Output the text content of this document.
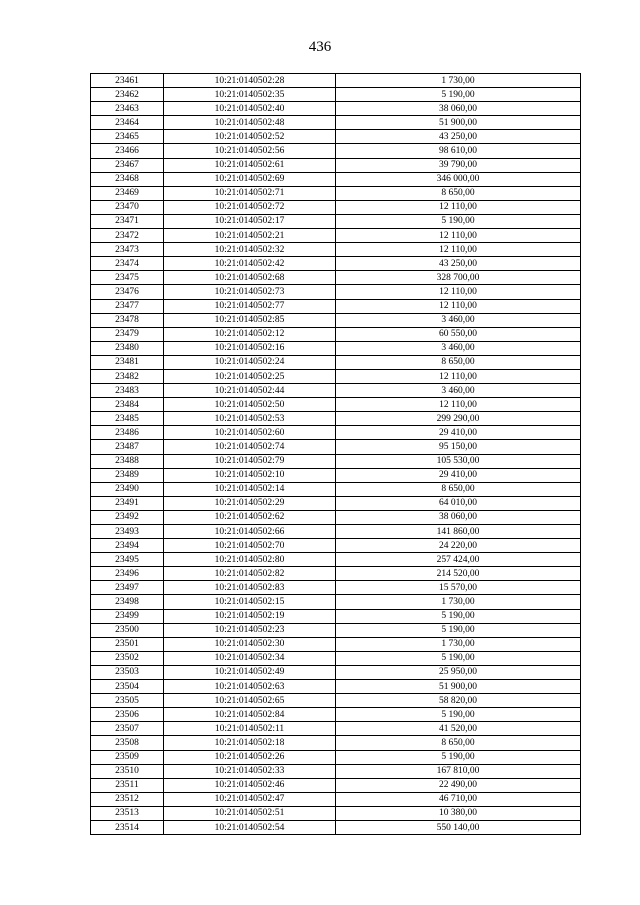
436
23461	10:21:0140502:28	1 730,00
23462	10:21:0140502:35	5 190,00
23463	10:21:0140502:40	38 060,00
23464	10:21:0140502:48	51 900,00
23465	10:21:0140502:52	43 250,00
23466	10:21:0140502:56	98 610,00
23467	10:21:0140502:61	39 790,00
23468	10:21:0140502:69	346 000,00
23469	10:21:0140502:71	8 650,00
23470	10:21:0140502:72	12 110,00
23471	10:21:0140502:17	5 190,00
23472	10:21:0140502:21	12 110,00
23473	10:21:0140502:32	12 110,00
23474	10:21:0140502:42	43 250,00
23475	10:21:0140502:68	328 700,00
23476	10:21:0140502:73	12 110,00
23477	10:21:0140502:77	12 110,00
23478	10:21:0140502:85	3 460,00
23479	10:21:0140502:12	60 550,00
23480	10:21:0140502:16	3 460,00
23481	10:21:0140502:24	8 650,00
23482	10:21:0140502:25	12 110,00
23483	10:21:0140502:44	3 460,00
23484	10:21:0140502:50	12 110,00
23485	10:21:0140502:53	299 290,00
23486	10:21:0140502:60	29 410,00
23487	10:21:0140502:74	95 150,00
23488	10:21:0140502:79	105 530,00
23489	10:21:0140502:10	29 410,00
23490	10:21:0140502:14	8 650,00
23491	10:21:0140502:29	64 010,00
23492	10:21:0140502:62	38 060,00
23493	10:21:0140502:66	141 860,00
23494	10:21:0140502:70	24 220,00
23495	10:21:0140502:80	257 424,00
23496	10:21:0140502:82	214 520,00
23497	10:21:0140502:83	15 570,00
23498	10:21:0140502:15	1 730,00
23499	10:21:0140502:19	5 190,00
23500	10:21:0140502:23	5 190,00
23501	10:21:0140502:30	1 730,00
23502	10:21:0140502:34	5 190,00
23503	10:21:0140502:49	25 950,00
23504	10:21:0140502:63	51 900,00
23505	10:21:0140502:65	58 820,00
23506	10:21:0140502:84	5 190,00
23507	10:21:0140502:11	41 520,00
23508	10:21:0140502:18	8 650,00
23509	10:21:0140502:26	5 190,00
23510	10:21:0140502:33	167 810,00
23511	10:21:0140502:46	22 490,00
23512	10:21:0140502:47	46 710,00
23513	10:21:0140502:51	10 380,00
23514	10:21:0140502:54	550 140,00
